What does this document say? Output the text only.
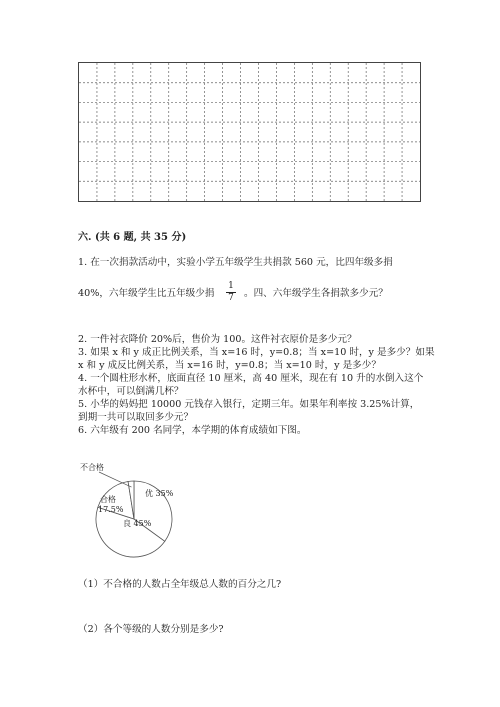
六. (共 6 题, 共 35 分)
1. 在一次捐款活动中，实验小学五年级学生共捐款 560 元，比四年级多捐
40%，六年级学生比五年级少捐 $\frac{1}{7}$ 。四、六年级学生各捐款多少元？
2. 一件衬衣降价 20%后，售价为 100。这件衬衣原价是多少元？
3. 如果 x 和 y 成正比例关系，当 x=16 时，y=0.8；当 x=10 时，y 是多少？如果
x 和 y 成反比例关系，当 x=16 时，y=0.8；当 x=10 时，y 是多少？
4. 一个圆柱形水杯，底面直径 10 厘米，高 40 厘米，现在有 10 升的水倒入这个
水杯中，可以倒满几杯？
5. 小华的妈妈把 10000 元钱存入银行，定期三年。如果年利率按 3.25%计算，
到期一共可以取回多少元？
6. 六年级有 200 名同学，本学期的体育成绩如下图。
优 35%
良 45%
合格
17.5%
不合格
（1）不合格的人数占全年级总人数的百分之几?
（2）各个等级的人数分别是多少?
